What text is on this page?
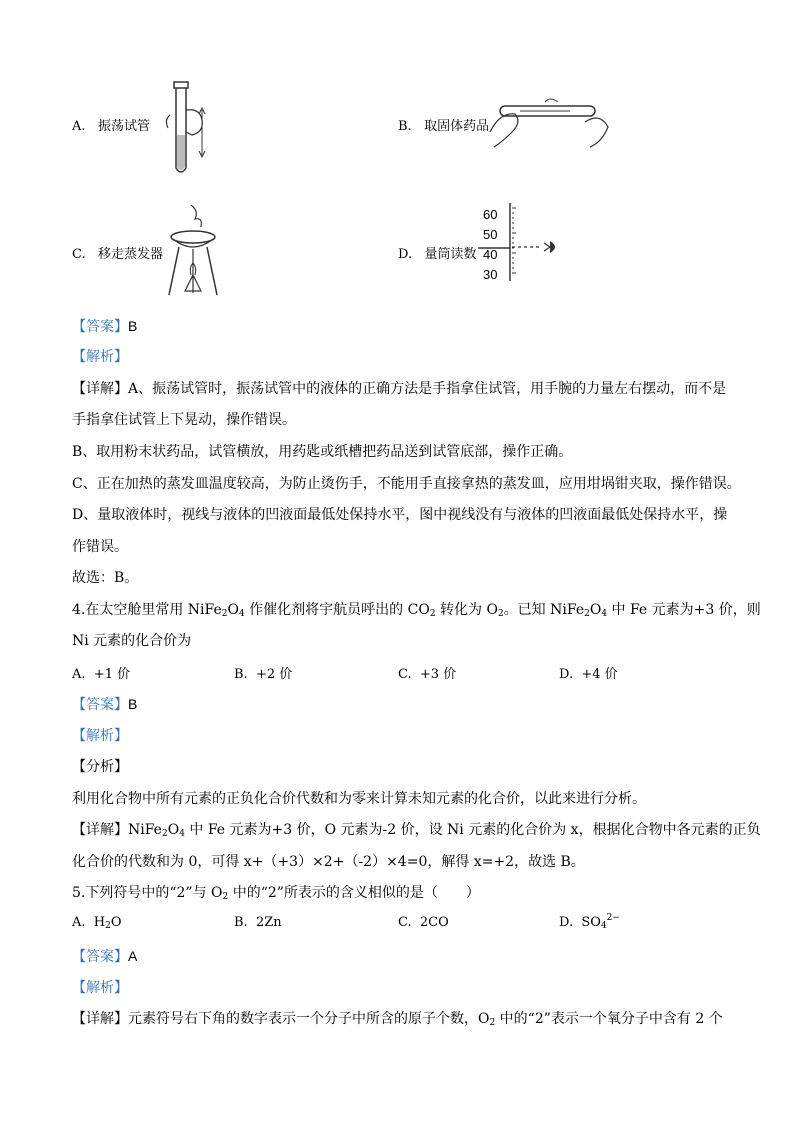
A. 振荡试管	B. 取固体药品
C. 移走蒸发器	D. 量筒读数
60
50
40
30
【答案】B
【解析】
【详解】A、振荡试管时，振荡试管中的液体的正确方法是手指拿住试管，用手腕的力量左右摆动，而不是
手指拿住试管上下晃动，操作错误。
B、取用粉末状药品，试管横放，用药匙或纸槽把药品送到试管底部，操作正确。
C、正在加热的蒸发皿温度较高，为防止烫伤手，不能用手直接拿热的蒸发皿，应用坩埚钳夹取，操作错误。
D、量取液体时，视线与液体的凹液面最低处保持水平，图中视线没有与液体的凹液面最低处保持水平，操
作错误。
故选：B。
4.在太空舱里常用 $NiFe_2O_4$ 作催化剂将宇航员呼出的 $CO_2$ 转化为 $O_2$。已知 $NiFe_2O_4$ 中 Fe 元素为+3 价，则
Ni 元素的化合价为
A. +1 价	B. +2 价	C. +3 价	D. +4 价
【答案】B
【解析】
【分析】
利用化合物中所有元素的正负化合价代数和为零来计算未知元素的化合价，以此来进行分析。
【详解】$NiFe_2O_4$ 中 Fe 元素为+3 价，O 元素为-2 价，设 Ni 元素的化合价为 x，根据化合物中各元素的正负
化合价的代数和为 0，可得 x+（+3）×2+（-2）×4=0，解得 x=+2，故选 B。
5.下列符号中的“2”与 $O_2$ 中的“2”所表示的含义相似的是（　　）
A. $H_2O$	B. 2Zn	C. 2CO	D. $SO_4^{2-}$
【答案】A
【解析】
【详解】元素符号右下角的数字表示一个分子中所含的原子个数，$O_2$ 中的“2”表示一个氧分子中含有 2 个
